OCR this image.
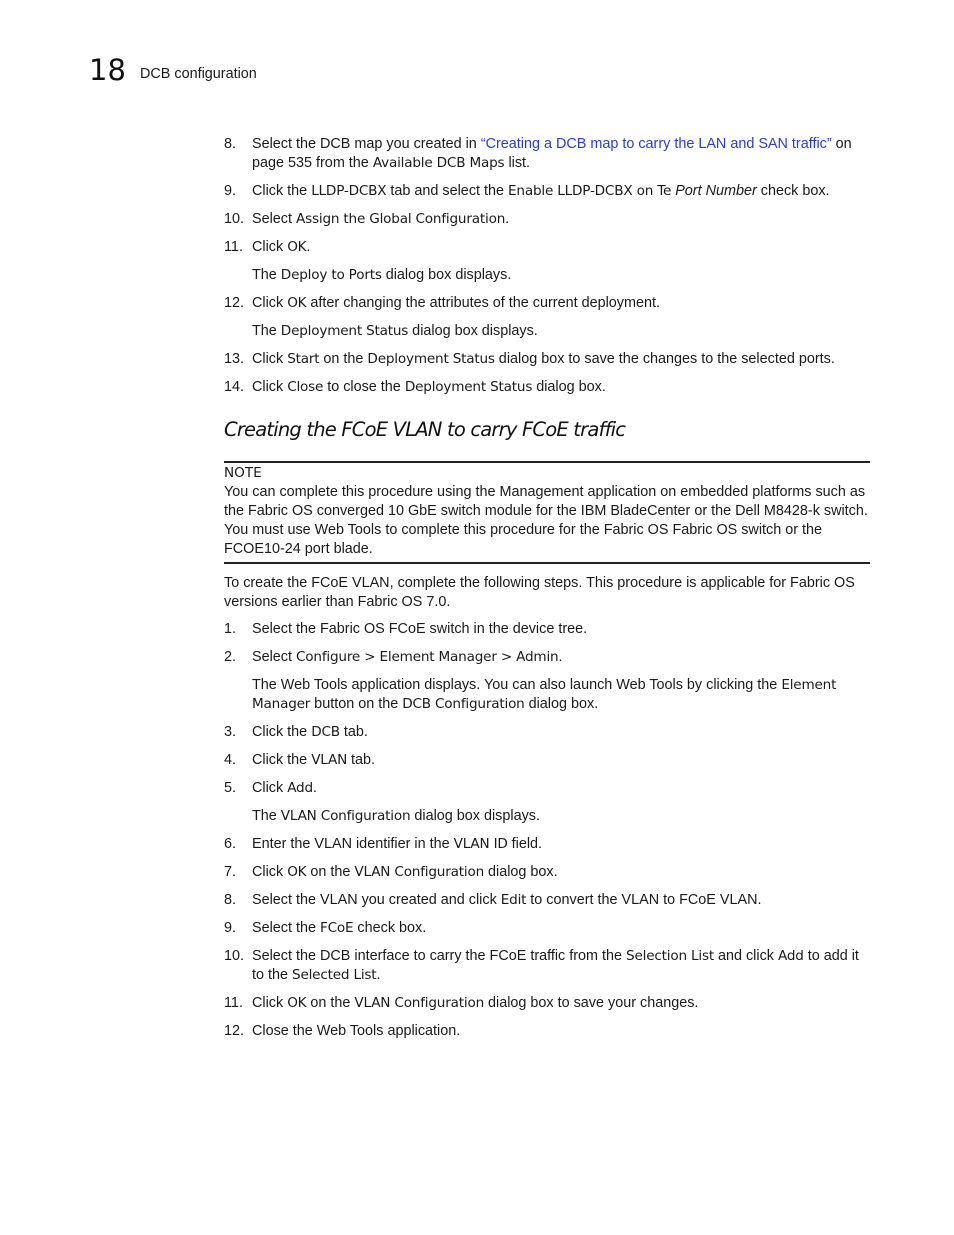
18 DCB configuration
8. Select the DCB map you created in “Creating a DCB map to carry the LAN and SAN traffic” on page 535 from the Available DCB Maps list.
9. Click the LLDP-DCBX tab and select the Enable LLDP-DCBX on Te Port Number check box.
10. Select Assign the Global Configuration.
11. Click OK.
The Deploy to Ports dialog box displays.
12. Click OK after changing the attributes of the current deployment.
The Deployment Status dialog box displays.
13. Click Start on the Deployment Status dialog box to save the changes to the selected ports.
14. Click Close to close the Deployment Status dialog box.
Creating the FCoE VLAN to carry FCoE traffic
NOTE
You can complete this procedure using the Management application on embedded platforms such as the Fabric OS converged 10 GbE switch module for the IBM BladeCenter or the Dell M8428-k switch. You must use Web Tools to complete this procedure for the Fabric OS Fabric OS switch or the FCOE10-24 port blade.
To create the FCoE VLAN, complete the following steps. This procedure is applicable for Fabric OS versions earlier than Fabric OS 7.0.
1. Select the Fabric OS FCoE switch in the device tree.
2. Select Configure > Element Manager > Admin.
The Web Tools application displays. You can also launch Web Tools by clicking the Element Manager button on the DCB Configuration dialog box.
3. Click the DCB tab.
4. Click the VLAN tab.
5. Click Add.
The VLAN Configuration dialog box displays.
6. Enter the VLAN identifier in the VLAN ID field.
7. Click OK on the VLAN Configuration dialog box.
8. Select the VLAN you created and click Edit to convert the VLAN to FCoE VLAN.
9. Select the FCoE check box.
10. Select the DCB interface to carry the FCoE traffic from the Selection List and click Add to add it to the Selected List.
11. Click OK on the VLAN Configuration dialog box to save your changes.
12. Close the Web Tools application.
